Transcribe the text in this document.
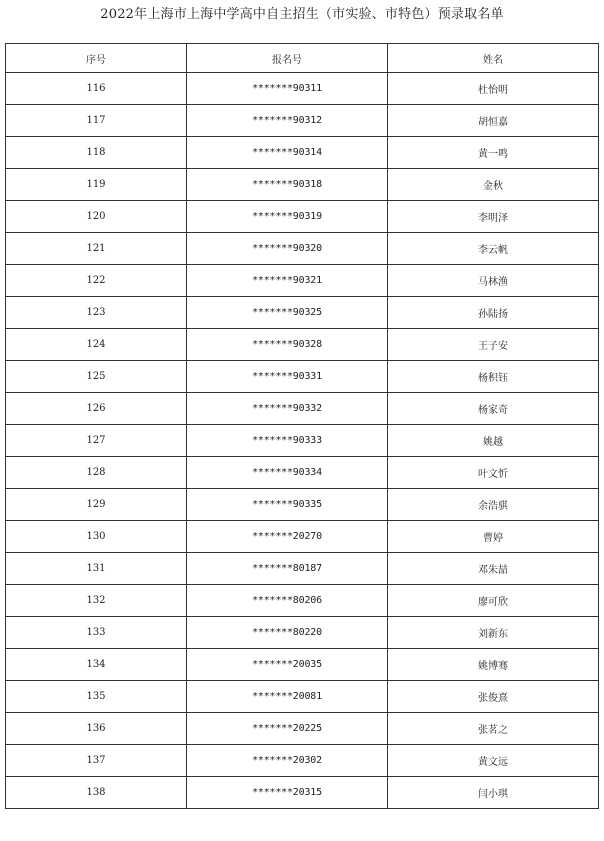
2022年上海市上海中学高中自主招生（市实验、市特色）预录取名单
序号	报名号	姓名
116	*******90311	杜怡明
117	*******90312	胡恒嘉
118	*******90314	黄一鸣
119	*******90318	金秋
120	*******90319	李明泽
121	*******90320	李云帆
122	*******90321	马林渔
123	*******90325	孙陆扬
124	*******90328	王子安
125	*******90331	杨积钰
126	*******90332	杨家奇
127	*******90333	姚越
128	*******90334	叶文忻
129	*******90335	余浩骐
130	*******20270	曹婷
131	*******80187	邓朱喆
132	*******80206	廖可欣
133	*******80220	刘新东
134	*******20035	姚博骞
135	*******20081	张俊熹
136	*******20225	张茗之
137	*******20302	黄文远
138	*******20315	闫小琪
